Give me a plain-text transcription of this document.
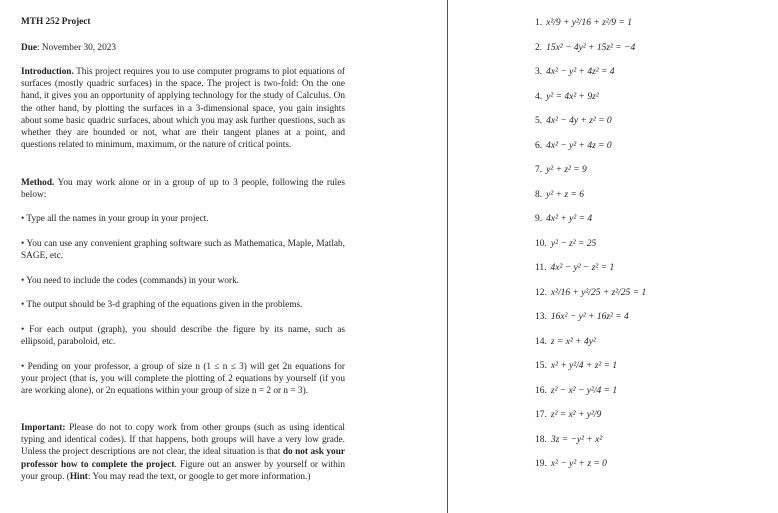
MTH 252 Project
Due: November 30, 2023
Introduction. This project requires you to use computer programs to plot equations of surfaces (mostly quadric surfaces) in the space. The project is two-fold: On the one hand, it gives you an opportunity of applying technology for the study of Calculus. On the other hand, by plotting the surfaces in a 3-dimensional space, you gain insights about some basic quadric surfaces, about which you may ask further questions, such as whether they are bounded or not, what are their tangent planes at a point, and questions related to minimum, maximum, or the nature of critical points.
Method. You may work alone or in a group of up to 3 people, following the rules below:
• Type all the names in your group in your project.
• You can use any convenient graphing software such as Mathematica, Maple, Matlab, SAGE, etc.
• You need to include the codes (commands) in your work.
• The output should be 3-d graphing of the equations given in the problems.
• For each output (graph), you should describe the figure by its name, such as ellipsoid, paraboloid, etc.
• Pending on your professor, a group of size n (1 ≤ n ≤ 3) will get 2n equations for your project (that is, you will complete the plotting of 2 equations by yourself (if you are working alone), or 2n equations within your group of size n = 2 or n = 3).
Important: Please do not to copy work from other groups (such as using identical typing and identical codes). If that happens, both groups will have a very low grade. Unless the project descriptions are not clear, the ideal situation is that do not ask your professor how to complete the project. Figure out an answer by yourself or within your group. (Hint: You may read the text, or google to get more information.)
1. x²/9 + y²/16 + z²/9 = 1
2. 15x² − 4y² + 15z² = −4
3. 4x² − y² + 4z² = 4
4. y² = 4x² + 9z²
5. 4x² − 4y + z² = 0
6. 4x² − y² + 4z = 0
7. y² + z² = 9
8. y² + z = 6
9. 4x² + y² = 4
10. y² − z² = 25
11. 4x² − y² − z² = 1
12. x²/16 + y²/25 + z²/25 = 1
13. 16x² − y² + 16z² = 4
14. z = x² + 4y²
15. x² + y²/4 + z² = 1
16. z² − x² − y²/4 = 1
17. z² = x² + y²/9
18. 3z = −y² + x²
19. x² − y² + z = 0
